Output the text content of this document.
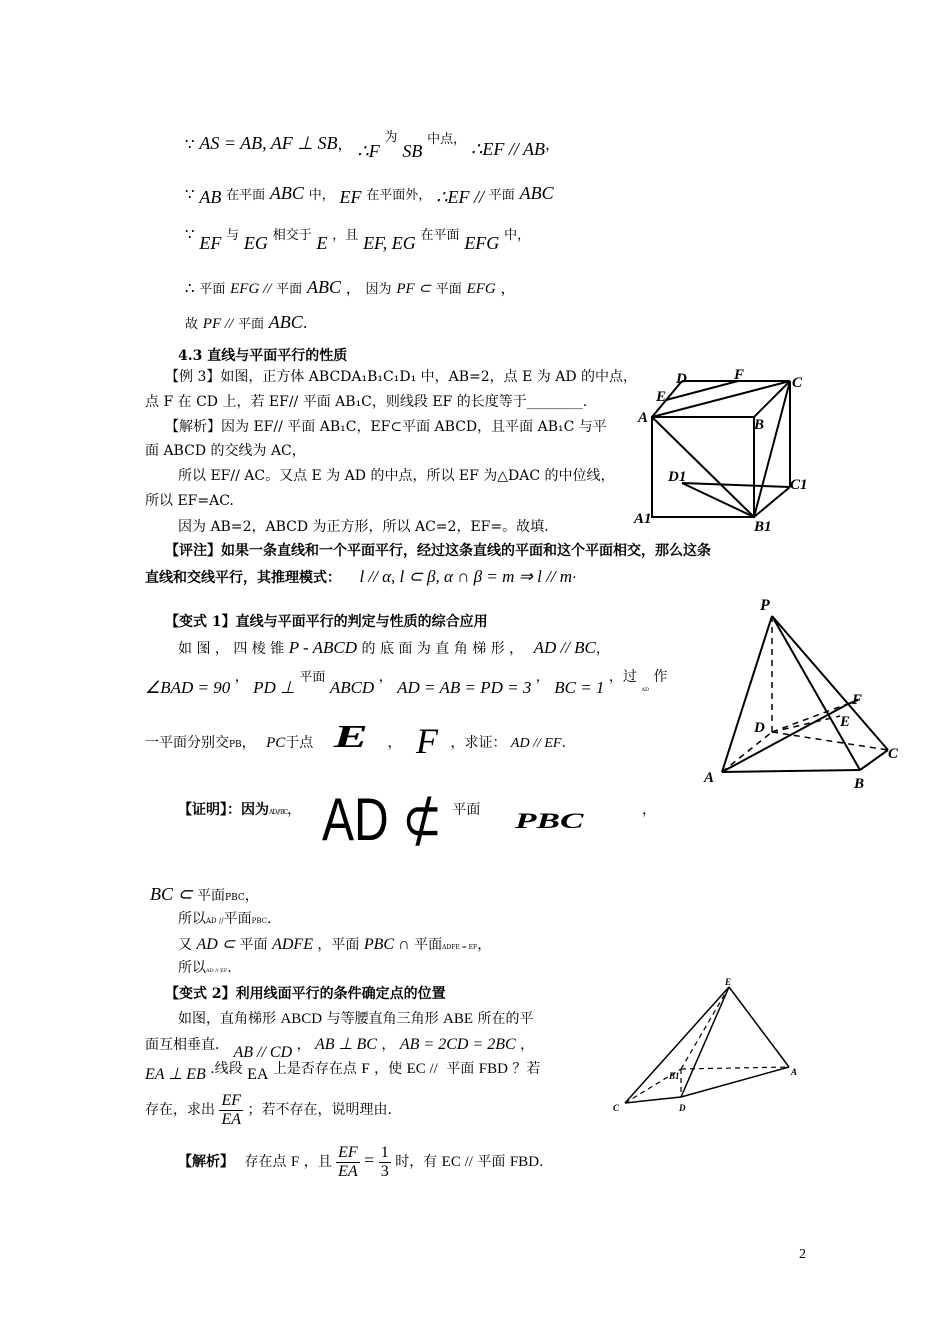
∵ AS = AB, AF ⊥ SB， ∴F 为 SB 中点， ∴EF // AB，
∵ AB 在平面 ABC 中， EF 在平面外， ∴EF // 平面 ABC
∵ EF 与 EG 相交于 E ，且 EF, EG 在平面 EFG 中，
∴ 平面 EFG // 平面 ABC ， 因为 PF ⊂ 平面 EFG ，
故 PF // 平面 ABC.
4.3 直线与平面平行的性质
【例 3】如图，正方体 ABCDA₁B₁C₁D₁ 中，AB=2，点 E 为 AD 的中点，
点 F 在 CD 上，若 EF// 平面 AB₁C，则线段 EF 的长度等于________.
【解析】因为 EF// 平面 AB₁C，EF⊂平面 ABCD，且平面 AB₁C 与平
面 ABCD 的交线为 AC，
所以 EF// AC。又点 E 为 AD 的中点，所以 EF 为△DAC 的中位线，
所以 EF=AC.
因为 AB=2，ABCD 为正方形，所以 AC=2，EF=。故填.
【评注】如果一条直线和一个平面平行，经过这条直线的平面和这个平面相交，那么这条
直线和交线平行，其推理模式： l // α, l ⊂ β, α ∩ β = m ⇒ l // m.
D	F	C
E
A	B
D1	C1
A1	B1
【变式 1】直线与平面平行的判定与性质的综合应用
如 图 ， 四 棱 锥 P - ABCD 的 底 面 为 直 角 梯 形 ， AD // BC，
∠BAD = 90 ， PD ⊥ 平面 ABCD ， AD = AB = PD = 3 ， BC = 1 ，过 $_{AD}$ 作
一平面分别交PB， PC于点 E ， F ，求证： AD // EF.
【证明】：因为$^{AD // BC}$， AD ⊄ 平面 PBC	，
BC ⊂ 平面PBC，
所以AD //平面PBC.
又 AD ⊂ 平面 ADFE ，平面 PBC ∩ 平面ADFE = EF，
所以AD // EF.
P
F
E
D
C
A	B
【变式 2】利用线面平行的条件确定点的位置
如图，直角梯形 ABCD 与等腰直角三角形 ABE 所在的平
面互相垂直． AB // CD ， AB ⊥ BC ， AB = 2CD = 2BC ，
EA ⊥ EB .线段 EA 上是否存在点 F ，使 EC // 平面 FBD ？若
存在，求出 $\frac{EF}{EA}$ ；若不存在，说明理由.
【解析】 存在点 F ，且 $\frac{EF}{EA} = \frac{1}{3}$ 时，有 EC // 平面 FBD.
E
B1	A
C	D
2
